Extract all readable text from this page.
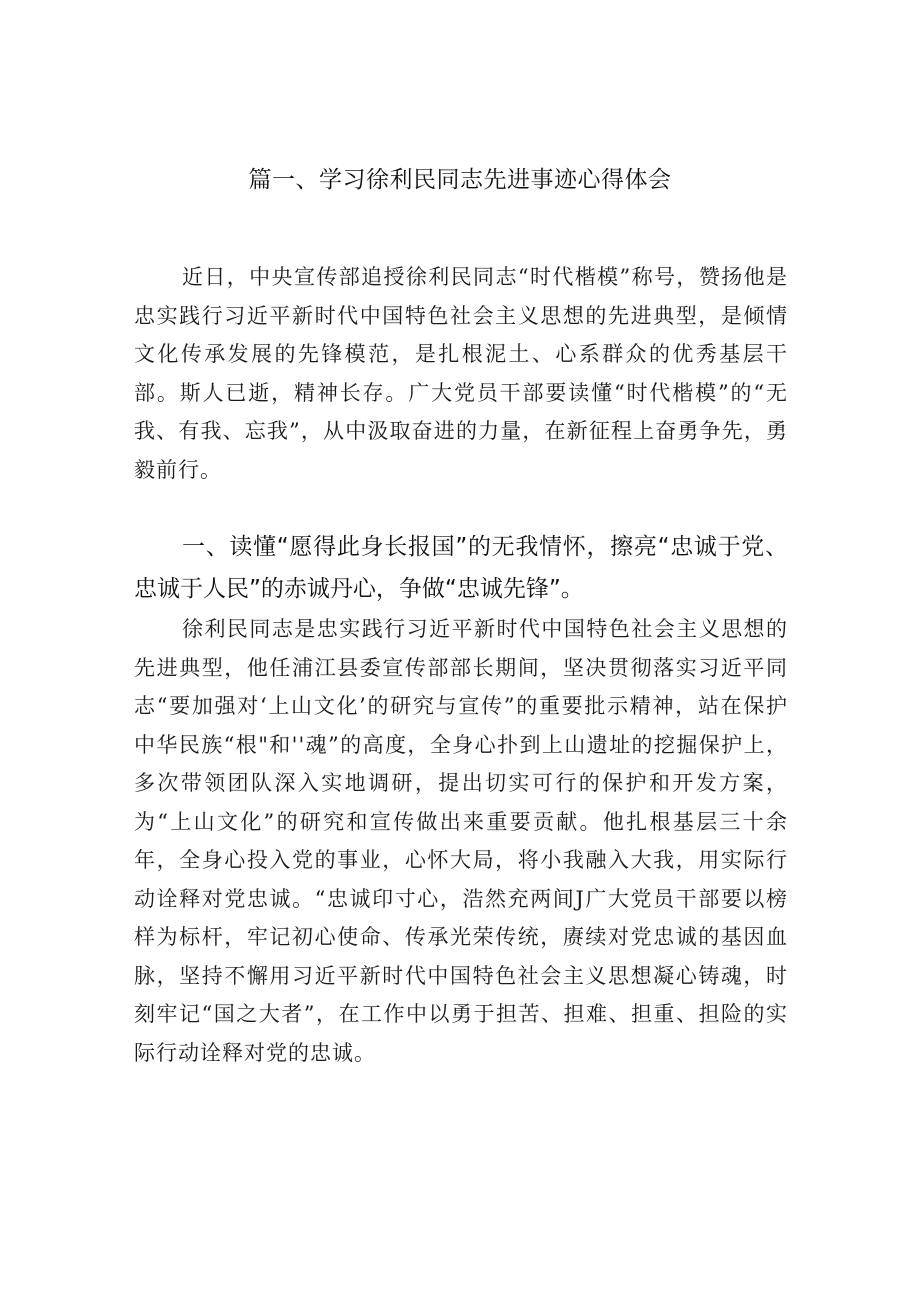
篇一、学习徐利民同志先进事迹心得体会

近日，中央宣传部追授徐利民同志“时代楷模”称号，赞扬他是忠实践行习近平新时代中国特色社会主义思想的先进典型，是倾情文化传承发展的先锋模范，是扎根泥土、心系群众的优秀基层干部。斯人已逝，精神长存。广大党员干部要读懂“时代楷模”的“无我、有我、忘我”，从中汲取奋进的力量，在新征程上奋勇争先，勇毅前行。

一、读懂“愿得此身长报国”的无我情怀，擦亮“忠诚于党、忠诚于人民”的赤诚丹心，争做“忠诚先锋”。

徐利民同志是忠实践行习近平新时代中国特色社会主义思想的先进典型，他任浦江县委宣传部部长期间，坚决贯彻落实习近平同志“要加强对‘上山文化’的研究与宣传”的重要批示精神，站在保护中华民族“根"和''魂”的高度，全身心扑到上山遗址的挖掘保护上，多次带领团队深入实地调研，提出切实可行的保护和开发方案，为“上山文化”的研究和宣传做出来重要贡献。他扎根基层三十余年，全身心投入党的事业，心怀大局，将小我融入大我，用实际行动诠释对党忠诚。“忠诚印寸心，浩然充两间J广大党员干部要以榜样为标杆，牢记初心使命、传承光荣传统，赓续对党忠诚的基因血脉，坚持不懈用习近平新时代中国特色社会主义思想凝心铸魂，时刻牢记“国之大者”，在工作中以勇于担苦、担难、担重、担险的实际行动诠释对党的忠诚。
